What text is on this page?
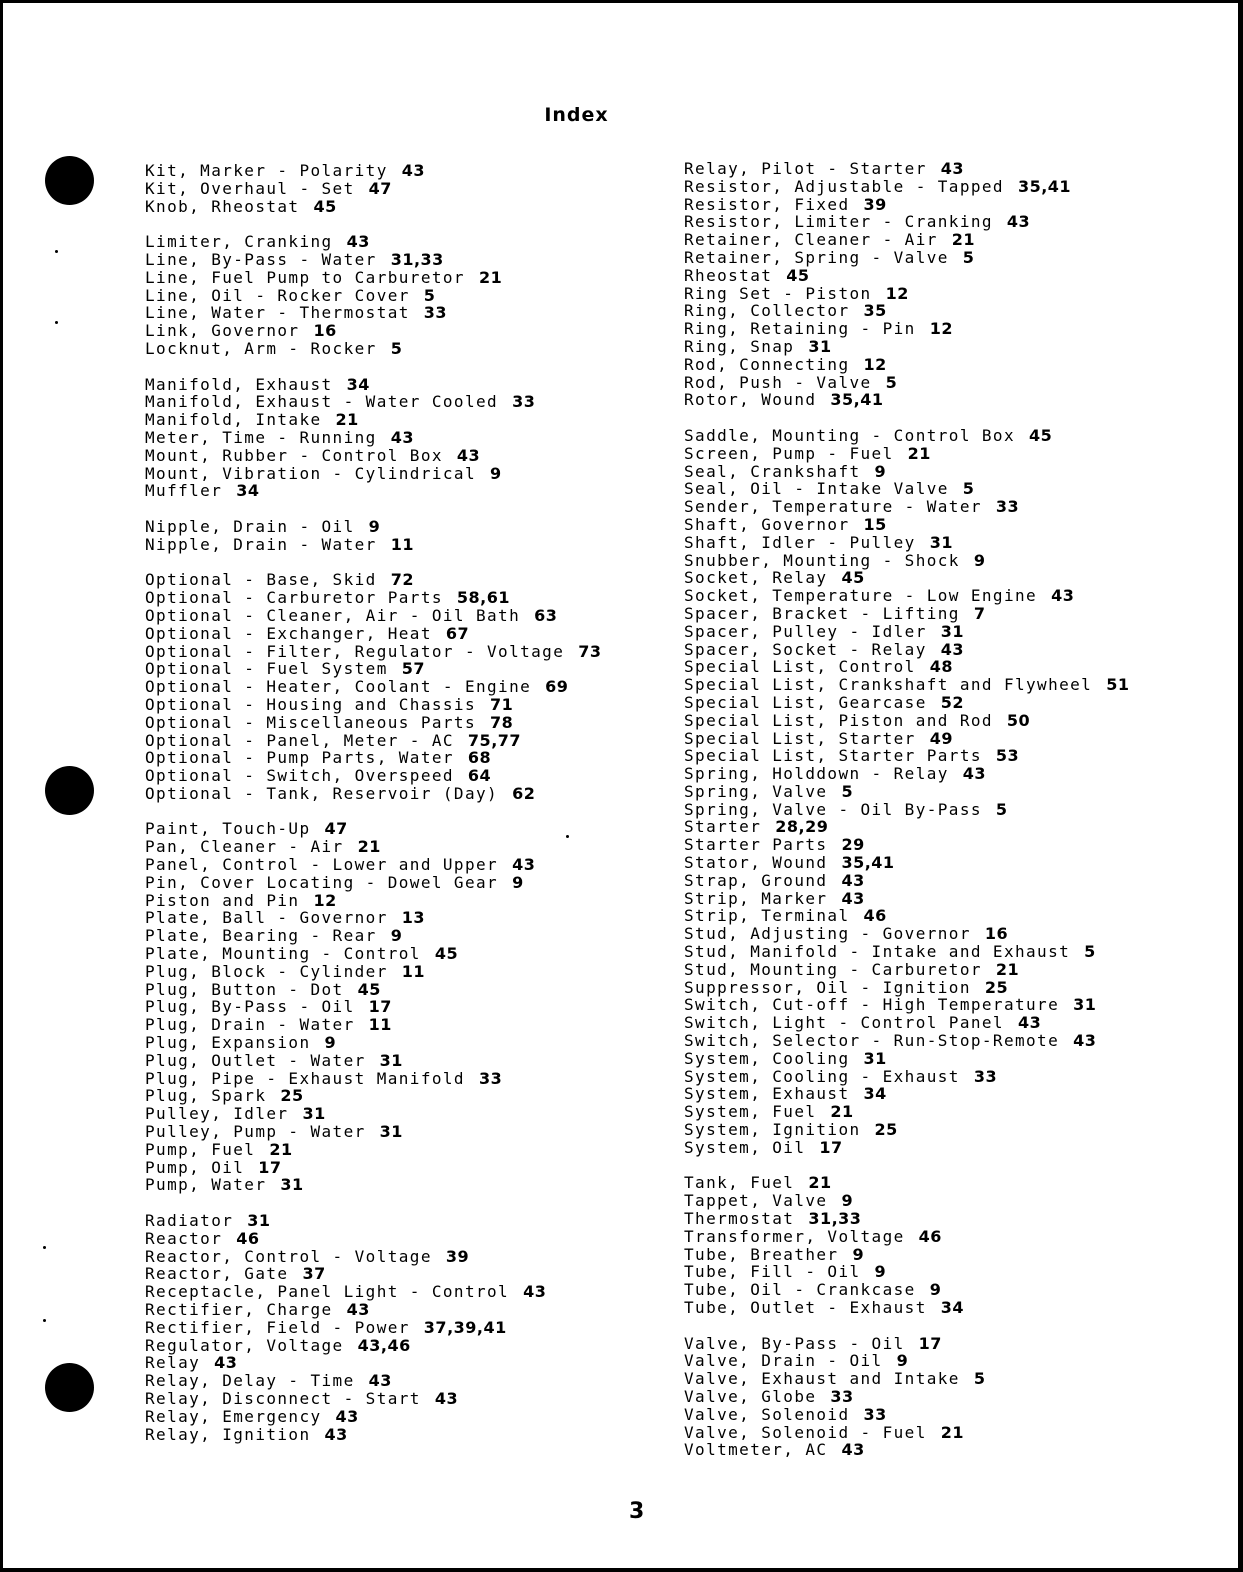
Index
Kit, Marker - Polarity 43
Kit, Overhaul - Set 47
Knob, Rheostat 45
Limiter, Cranking 43
Line, By-Pass - Water 31,33
Line, Fuel Pump to Carburetor 21
Line, Oil - Rocker Cover 5
Line, Water - Thermostat 33
Link, Governor 16
Locknut, Arm - Rocker 5
Manifold, Exhaust 34
Manifold, Exhaust - Water Cooled 33
Manifold, Intake 21
Meter, Time - Running 43
Mount, Rubber - Control Box 43
Mount, Vibration - Cylindrical 9
Muffler 34
Nipple, Drain - Oil 9
Nipple, Drain - Water 11
Optional - Base, Skid 72
Optional - Carburetor Parts 58,61
Optional - Cleaner, Air - Oil Bath 63
Optional - Exchanger, Heat 67
Optional - Filter, Regulator - Voltage 73
Optional - Fuel System 57
Optional - Heater, Coolant - Engine 69
Optional - Housing and Chassis 71
Optional - Miscellaneous Parts 78
Optional - Panel, Meter - AC 75,77
Optional - Pump Parts, Water 68
Optional - Switch, Overspeed 64
Optional - Tank, Reservoir (Day) 62
Paint, Touch-Up 47
Pan, Cleaner - Air 21
Panel, Control - Lower and Upper 43
Pin, Cover Locating - Dowel Gear 9
Piston and Pin 12
Plate, Ball - Governor 13
Plate, Bearing - Rear 9
Plate, Mounting - Control 45
Plug, Block - Cylinder 11
Plug, Button - Dot 45
Plug, By-Pass - Oil 17
Plug, Drain - Water 11
Plug, Expansion 9
Plug, Outlet - Water 31
Plug, Pipe - Exhaust Manifold 33
Plug, Spark 25
Pulley, Idler 31
Pulley, Pump - Water 31
Pump, Fuel 21
Pump, Oil 17
Pump, Water 31
Radiator 31
Reactor 46
Reactor, Control - Voltage 39
Reactor, Gate 37
Receptacle, Panel Light - Control 43
Rectifier, Charge 43
Rectifier, Field - Power 37,39,41
Regulator, Voltage 43,46
Relay 43
Relay, Delay - Time 43
Relay, Disconnect - Start 43
Relay, Emergency 43
Relay, Ignition 43
Relay, Pilot - Starter 43
Resistor, Adjustable - Tapped 35,41
Resistor, Fixed 39
Resistor, Limiter - Cranking 43
Retainer, Cleaner - Air 21
Retainer, Spring - Valve 5
Rheostat 45
Ring Set - Piston 12
Ring, Collector 35
Ring, Retaining - Pin 12
Ring, Snap 31
Rod, Connecting 12
Rod, Push - Valve 5
Rotor, Wound 35,41
Saddle, Mounting - Control Box 45
Screen, Pump - Fuel 21
Seal, Crankshaft 9
Seal, Oil - Intake Valve 5
Sender, Temperature - Water 33
Shaft, Governor 15
Shaft, Idler - Pulley 31
Snubber, Mounting - Shock 9
Socket, Relay 45
Socket, Temperature - Low Engine 43
Spacer, Bracket - Lifting 7
Spacer, Pulley - Idler 31
Spacer, Socket - Relay 43
Special List, Control 48
Special List, Crankshaft and Flywheel 51
Special List, Gearcase 52
Special List, Piston and Rod 50
Special List, Starter 49
Special List, Starter Parts 53
Spring, Holddown - Relay 43
Spring, Valve 5
Spring, Valve - Oil By-Pass 5
Starter 28,29
Starter Parts 29
Stator, Wound 35,41
Strap, Ground 43
Strip, Marker 43
Strip, Terminal 46
Stud, Adjusting - Governor 16
Stud, Manifold - Intake and Exhaust 5
Stud, Mounting - Carburetor 21
Suppressor, Oil - Ignition 25
Switch, Cut-off - High Temperature 31
Switch, Light - Control Panel 43
Switch, Selector - Run-Stop-Remote 43
System, Cooling 31
System, Cooling - Exhaust 33
System, Exhaust 34
System, Fuel 21
System, Ignition 25
System, Oil 17
Tank, Fuel 21
Tappet, Valve 9
Thermostat 31,33
Transformer, Voltage 46
Tube, Breather 9
Tube, Fill - Oil 9
Tube, Oil - Crankcase 9
Tube, Outlet - Exhaust 34
Valve, By-Pass - Oil 17
Valve, Drain - Oil 9
Valve, Exhaust and Intake 5
Valve, Globe 33
Valve, Solenoid 33
Valve, Solenoid - Fuel 21
Voltmeter, AC 43
3
